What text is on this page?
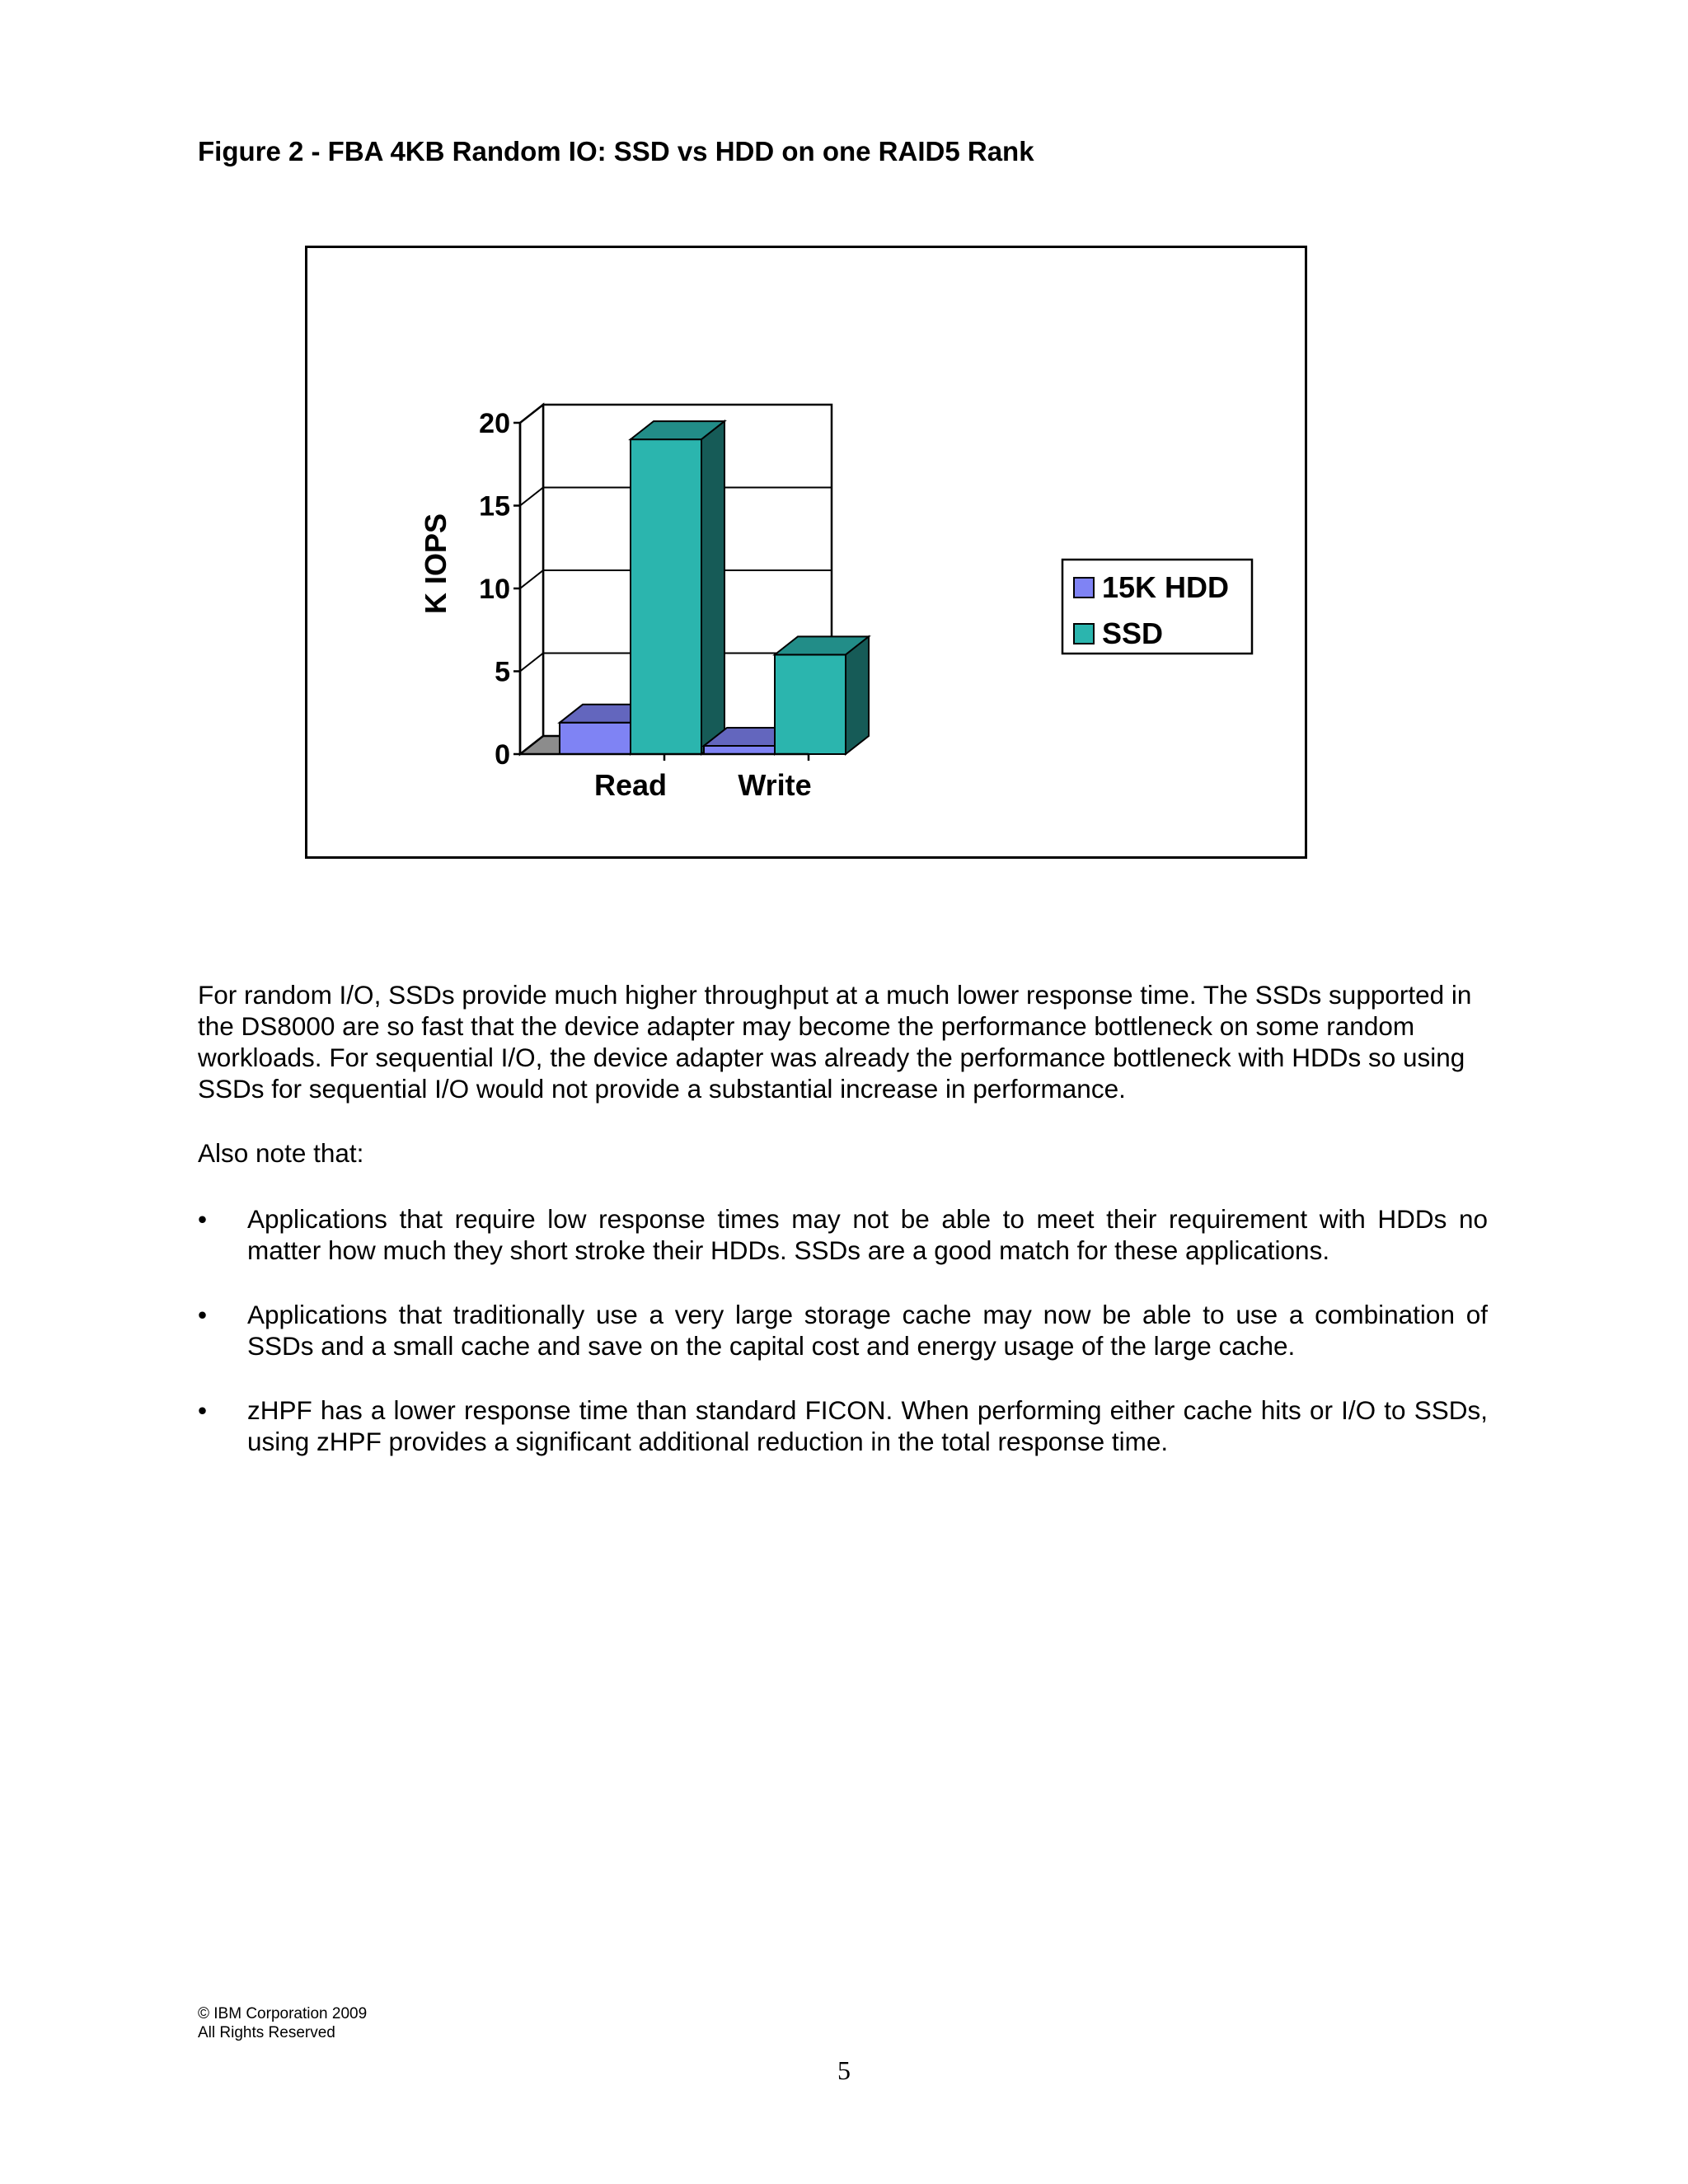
Figure 2 - FBA 4KB Random IO: SSD vs HDD on one RAID5 Rank
0
5
10
15
20
K IOPS
Read Write
15K HDD
SSD
For random I/O, SSDs provide much higher throughput at a much lower response time. The SSDs supported in the DS8000 are so fast that the device adapter may become the performance bottleneck on some random workloads. For sequential I/O, the device adapter was already the performance bottleneck with HDDs so using SSDs for sequential I/O would not provide a substantial increase in performance.
Also note that:
• Applications that require low response times may not be able to meet their requirement with HDDs no matter how much they short stroke their HDDs. SSDs are a good match for these applications.
• Applications that traditionally use a very large storage cache may now be able to use a combination of SSDs and a small cache and save on the capital cost and energy usage of the large cache.
• zHPF has a lower response time than standard FICON. When performing either cache hits or I/O to SSDs, using zHPF provides a significant additional reduction in the total response time.
© IBM Corporation 2009
All Rights Reserved
5
